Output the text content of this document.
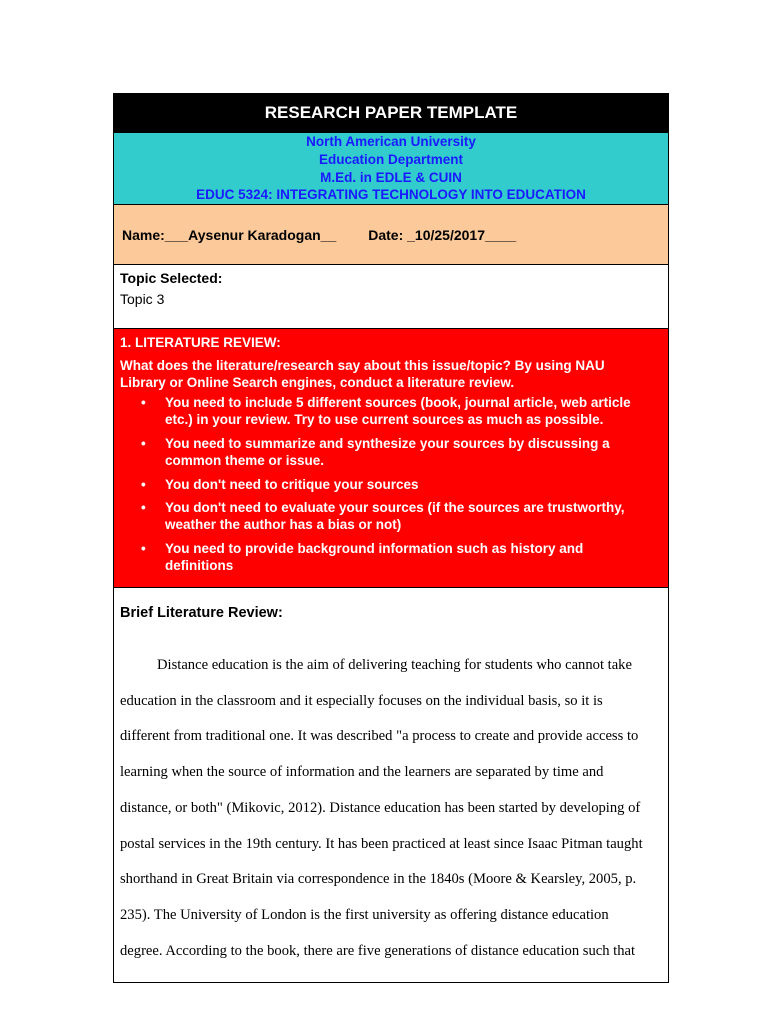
RESEARCH PAPER TEMPLATE
North American University
Education Department
M.Ed. in EDLE & CUIN
EDUC 5324: INTEGRATING TECHNOLOGY INTO EDUCATION
Name:___Aysenur Karadogan__ Date: _10/25/2017____
Topic Selected:
Topic 3
1. LITERATURE REVIEW:
What does the literature/research say about this issue/topic? By using NAU
Library or Online Search engines, conduct a literature review.
• You need to include 5 different sources (book, journal article, web article
etc.) in your review. Try to use current sources as much as possible.
• You need to summarize and synthesize your sources by discussing a
common theme or issue.
• You don't need to critique your sources
• You don't need to evaluate your sources (if the sources are trustworthy,
weather the author has a bias or not)
• You need to provide background information such as history and
definitions
Brief Literature Review:
Distance education is the aim of delivering teaching for students who cannot take
education in the classroom and it especially focuses on the individual basis, so it is
different from traditional one. It was described "a process to create and provide access to
learning when the source of information and the learners are separated by time and
distance, or both" (Mikovic, 2012). Distance education has been started by developing of
postal services in the 19th century. It has been practiced at least since Isaac Pitman taught
shorthand in Great Britain via correspondence in the 1840s (Moore & Kearsley, 2005, p.
235). The University of London is the first university as offering distance education
degree. According to the book, there are five generations of distance education such that
